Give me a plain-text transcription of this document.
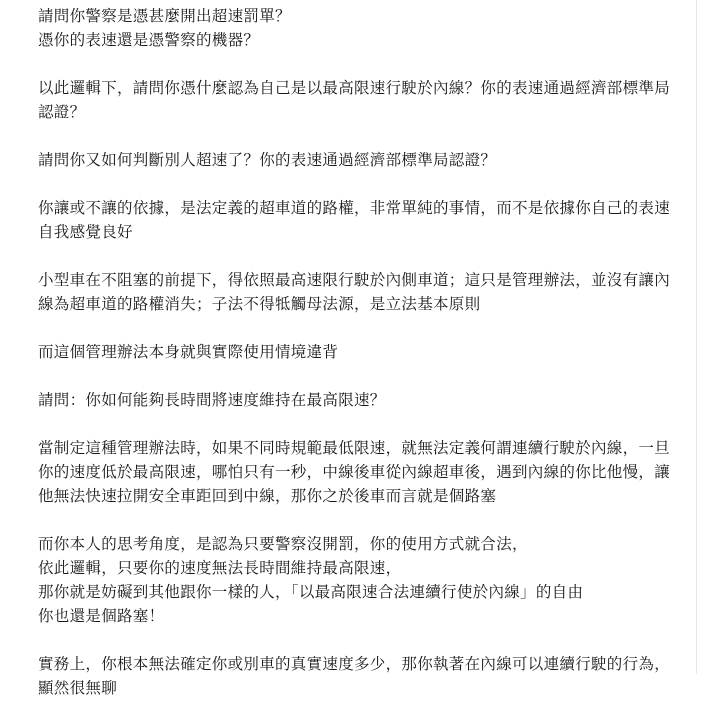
請問你警察是憑甚麼開出超速罰單？
憑你的表速還是憑警察的機器？

以此邏輯下，請問你憑什麼認為自己是以最高限速行駛於內線？你的表速通過經濟部標準局
認證？

請問你又如何判斷別人超速了？你的表速通過經濟部標準局認證？

你讓或不讓的依據，是法定義的超車道的路權，非常單純的事情，而不是依據你自己的表速
自我感覺良好

小型車在不阻塞的前提下，得依照最高速限行駛於內側車道；這只是管理辦法，並沒有讓內
線為超車道的路權消失；子法不得牴觸母法源，是立法基本原則

而這個管理辦法本身就與實際使用情境違背

請問：你如何能夠長時間將速度維持在最高限速？

當制定這種管理辦法時，如果不同時規範最低限速，就無法定義何謂連續行駛於內線，一旦
你的速度低於最高限速，哪怕只有一秒，中線後車從內線超車後，遇到內線的你比他慢，讓
他無法快速拉開安全車距回到中線，那你之於後車而言就是個路塞

而你本人的思考角度，是認為只要警察沒開罰，你的使用方式就合法，
依此邏輯，只要你的速度無法長時間維持最高限速，
那你就是妨礙到其他跟你一樣的人，「以最高限速合法連續行使於內線」的自由
你也還是個路塞！

實務上，你根本無法確定你或別車的真實速度多少，那你執著在內線可以連續行駛的行為，
顯然很無聊
